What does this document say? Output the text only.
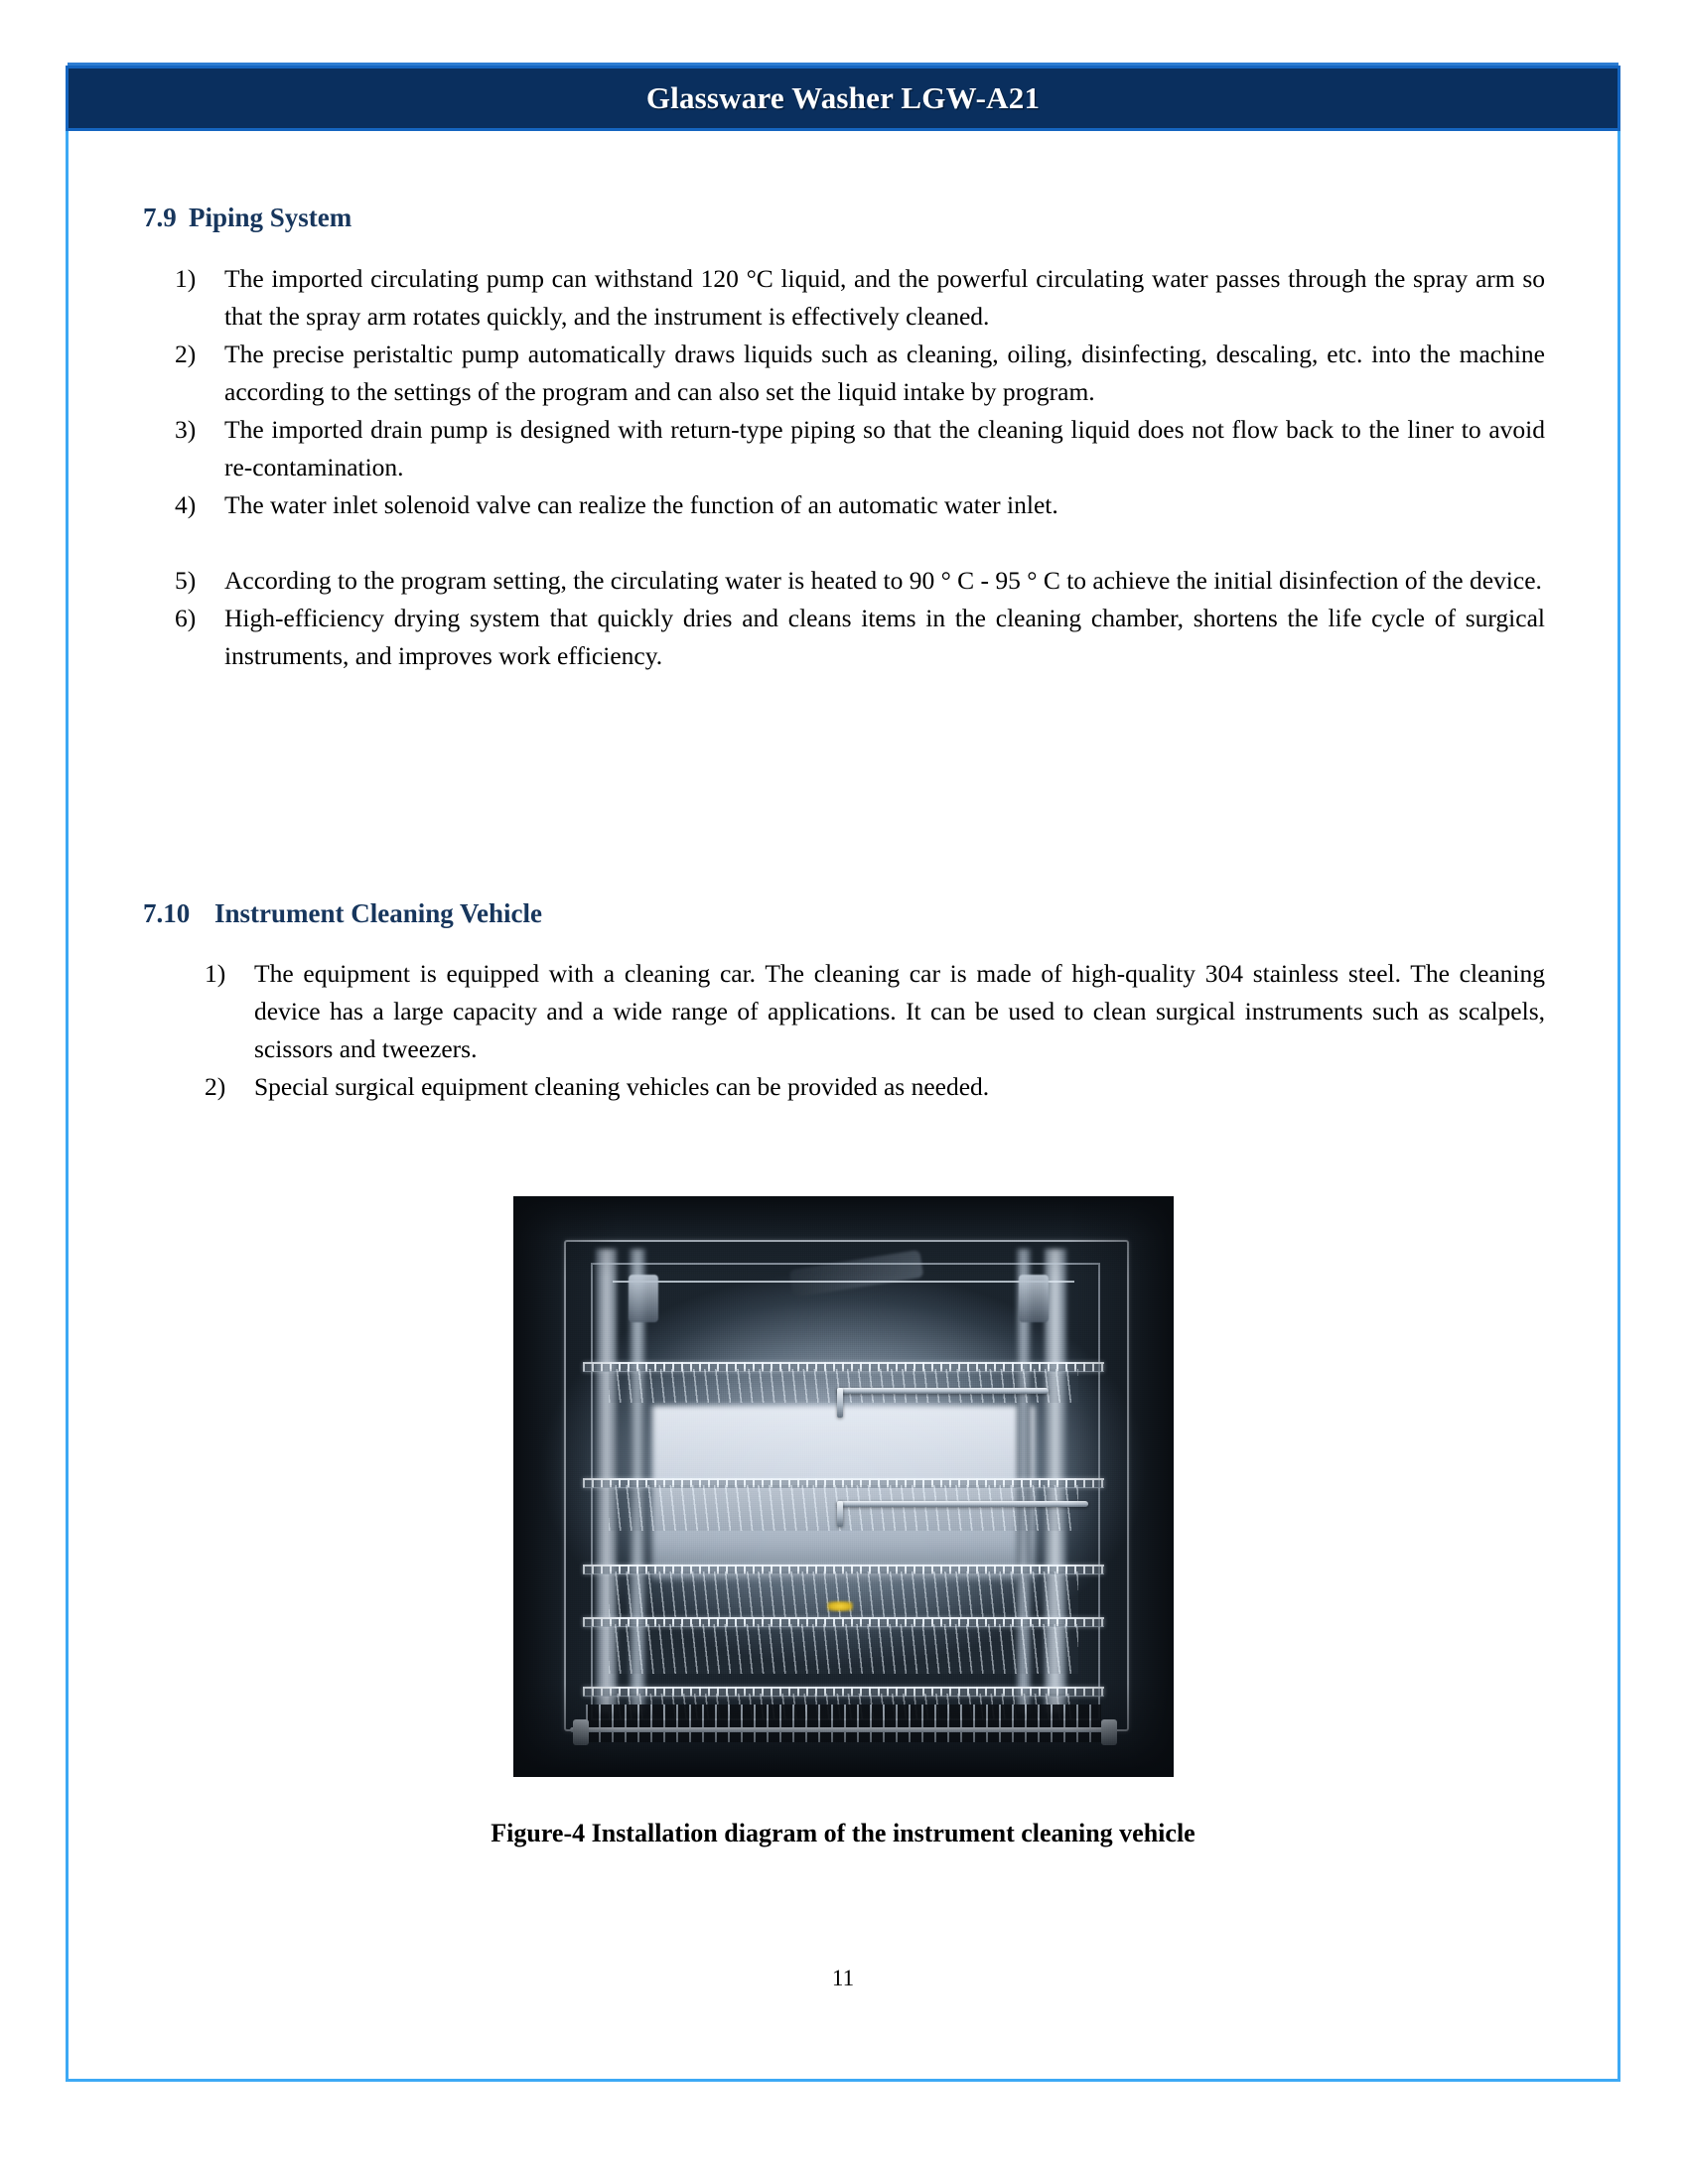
Glassware Washer LGW-A21
7.9 Piping System
1)	The imported circulating pump can withstand 120 °C liquid, and the powerful circulating water passes through the spray arm so that the spray arm rotates quickly, and the instrument is effectively cleaned.
2)	The precise peristaltic pump automatically draws liquids such as cleaning, oiling, disinfecting, descaling, etc. into the machine according to the settings of the program and can also set the liquid intake by program.
3)	The imported drain pump is designed with return-type piping so that the cleaning liquid does not flow back to the liner to avoid re-contamination.
4)	The water inlet solenoid valve can realize the function of an automatic water inlet.
5)	According to the program setting, the circulating water is heated to 90 ° C - 95 ° C to achieve the initial disinfection of the device.
6)	High-efficiency drying system that quickly dries and cleans items in the cleaning chamber, shortens the life cycle of surgical instruments, and improves work efficiency.
7.10 Instrument Cleaning Vehicle
1)	The equipment is equipped with a cleaning car. The cleaning car is made of high-quality 304 stainless steel. The cleaning device has a large capacity and a wide range of applications. It can be used to clean surgical instruments such as scalpels, scissors and tweezers.
2)	Special surgical equipment cleaning vehicles can be provided as needed.
Figure-4 Installation diagram of the instrument cleaning vehicle
11
